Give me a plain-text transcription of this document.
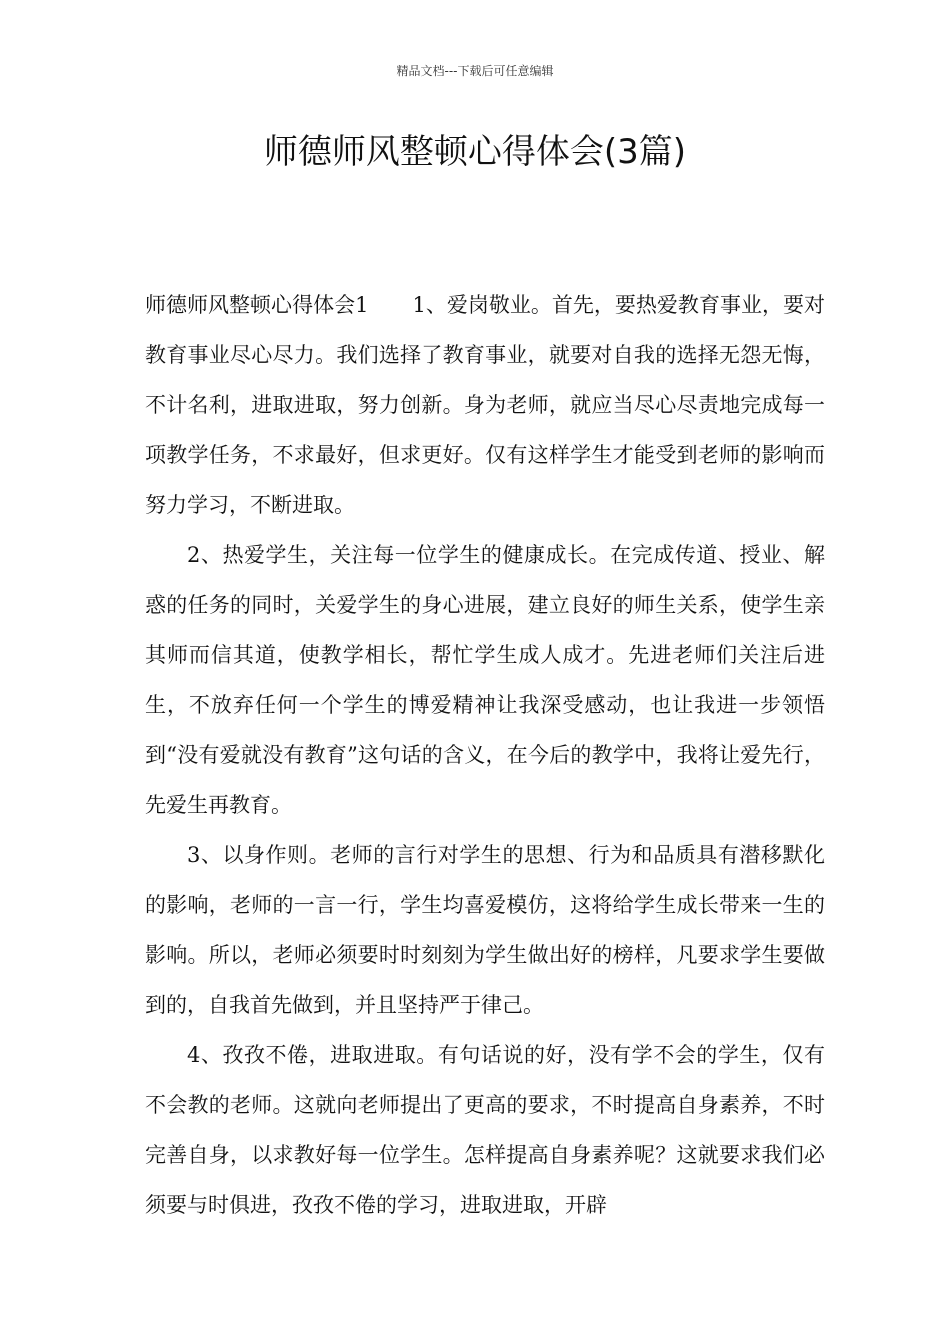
精品文档---下载后可任意编辑
师德师风整顿心得体会(3篇)

师德师风整顿心得体会1 1、爱岗敬业。首先，要热爱教育事业，要对教育事业尽心尽力。我们选择了教育事业，就要对自我的选择无怨无悔，不计名利，进取进取，努力创新。身为老师，就应当尽心尽责地完成每一项教学任务，不求最好，但求更好。仅有这样学生才能受到老师的影响而努力学习，不断进取。

2、热爱学生，关注每一位学生的健康成长。在完成传道、授业、解惑的任务的同时，关爱学生的身心进展，建立良好的师生关系，使学生亲其师而信其道，使教学相长，帮忙学生成人成才。先进老师们关注后进生，不放弃任何一个学生的博爱精神让我深受感动，也让我进一步领悟到“没有爱就没有教育”这句话的含义，在今后的教学中，我将让爱先行，先爱生再教育。

3、以身作则。老师的言行对学生的思想、行为和品质具有潜移默化的影响，老师的一言一行，学生均喜爱模仿，这将给学生成长带来一生的影响。所以，老师必须要时时刻刻为学生做出好的榜样，凡要求学生要做到的，自我首先做到，并且坚持严于律己。

4、孜孜不倦，进取进取。有句话说的好，没有学不会的学生，仅有不会教的老师。这就向老师提出了更高的要求，不时提高自身素养，不时完善自身，以求教好每一位学生。怎样提高自身素养呢？这就要求我们必须要与时俱进，孜孜不倦的学习，进取进取，开辟
